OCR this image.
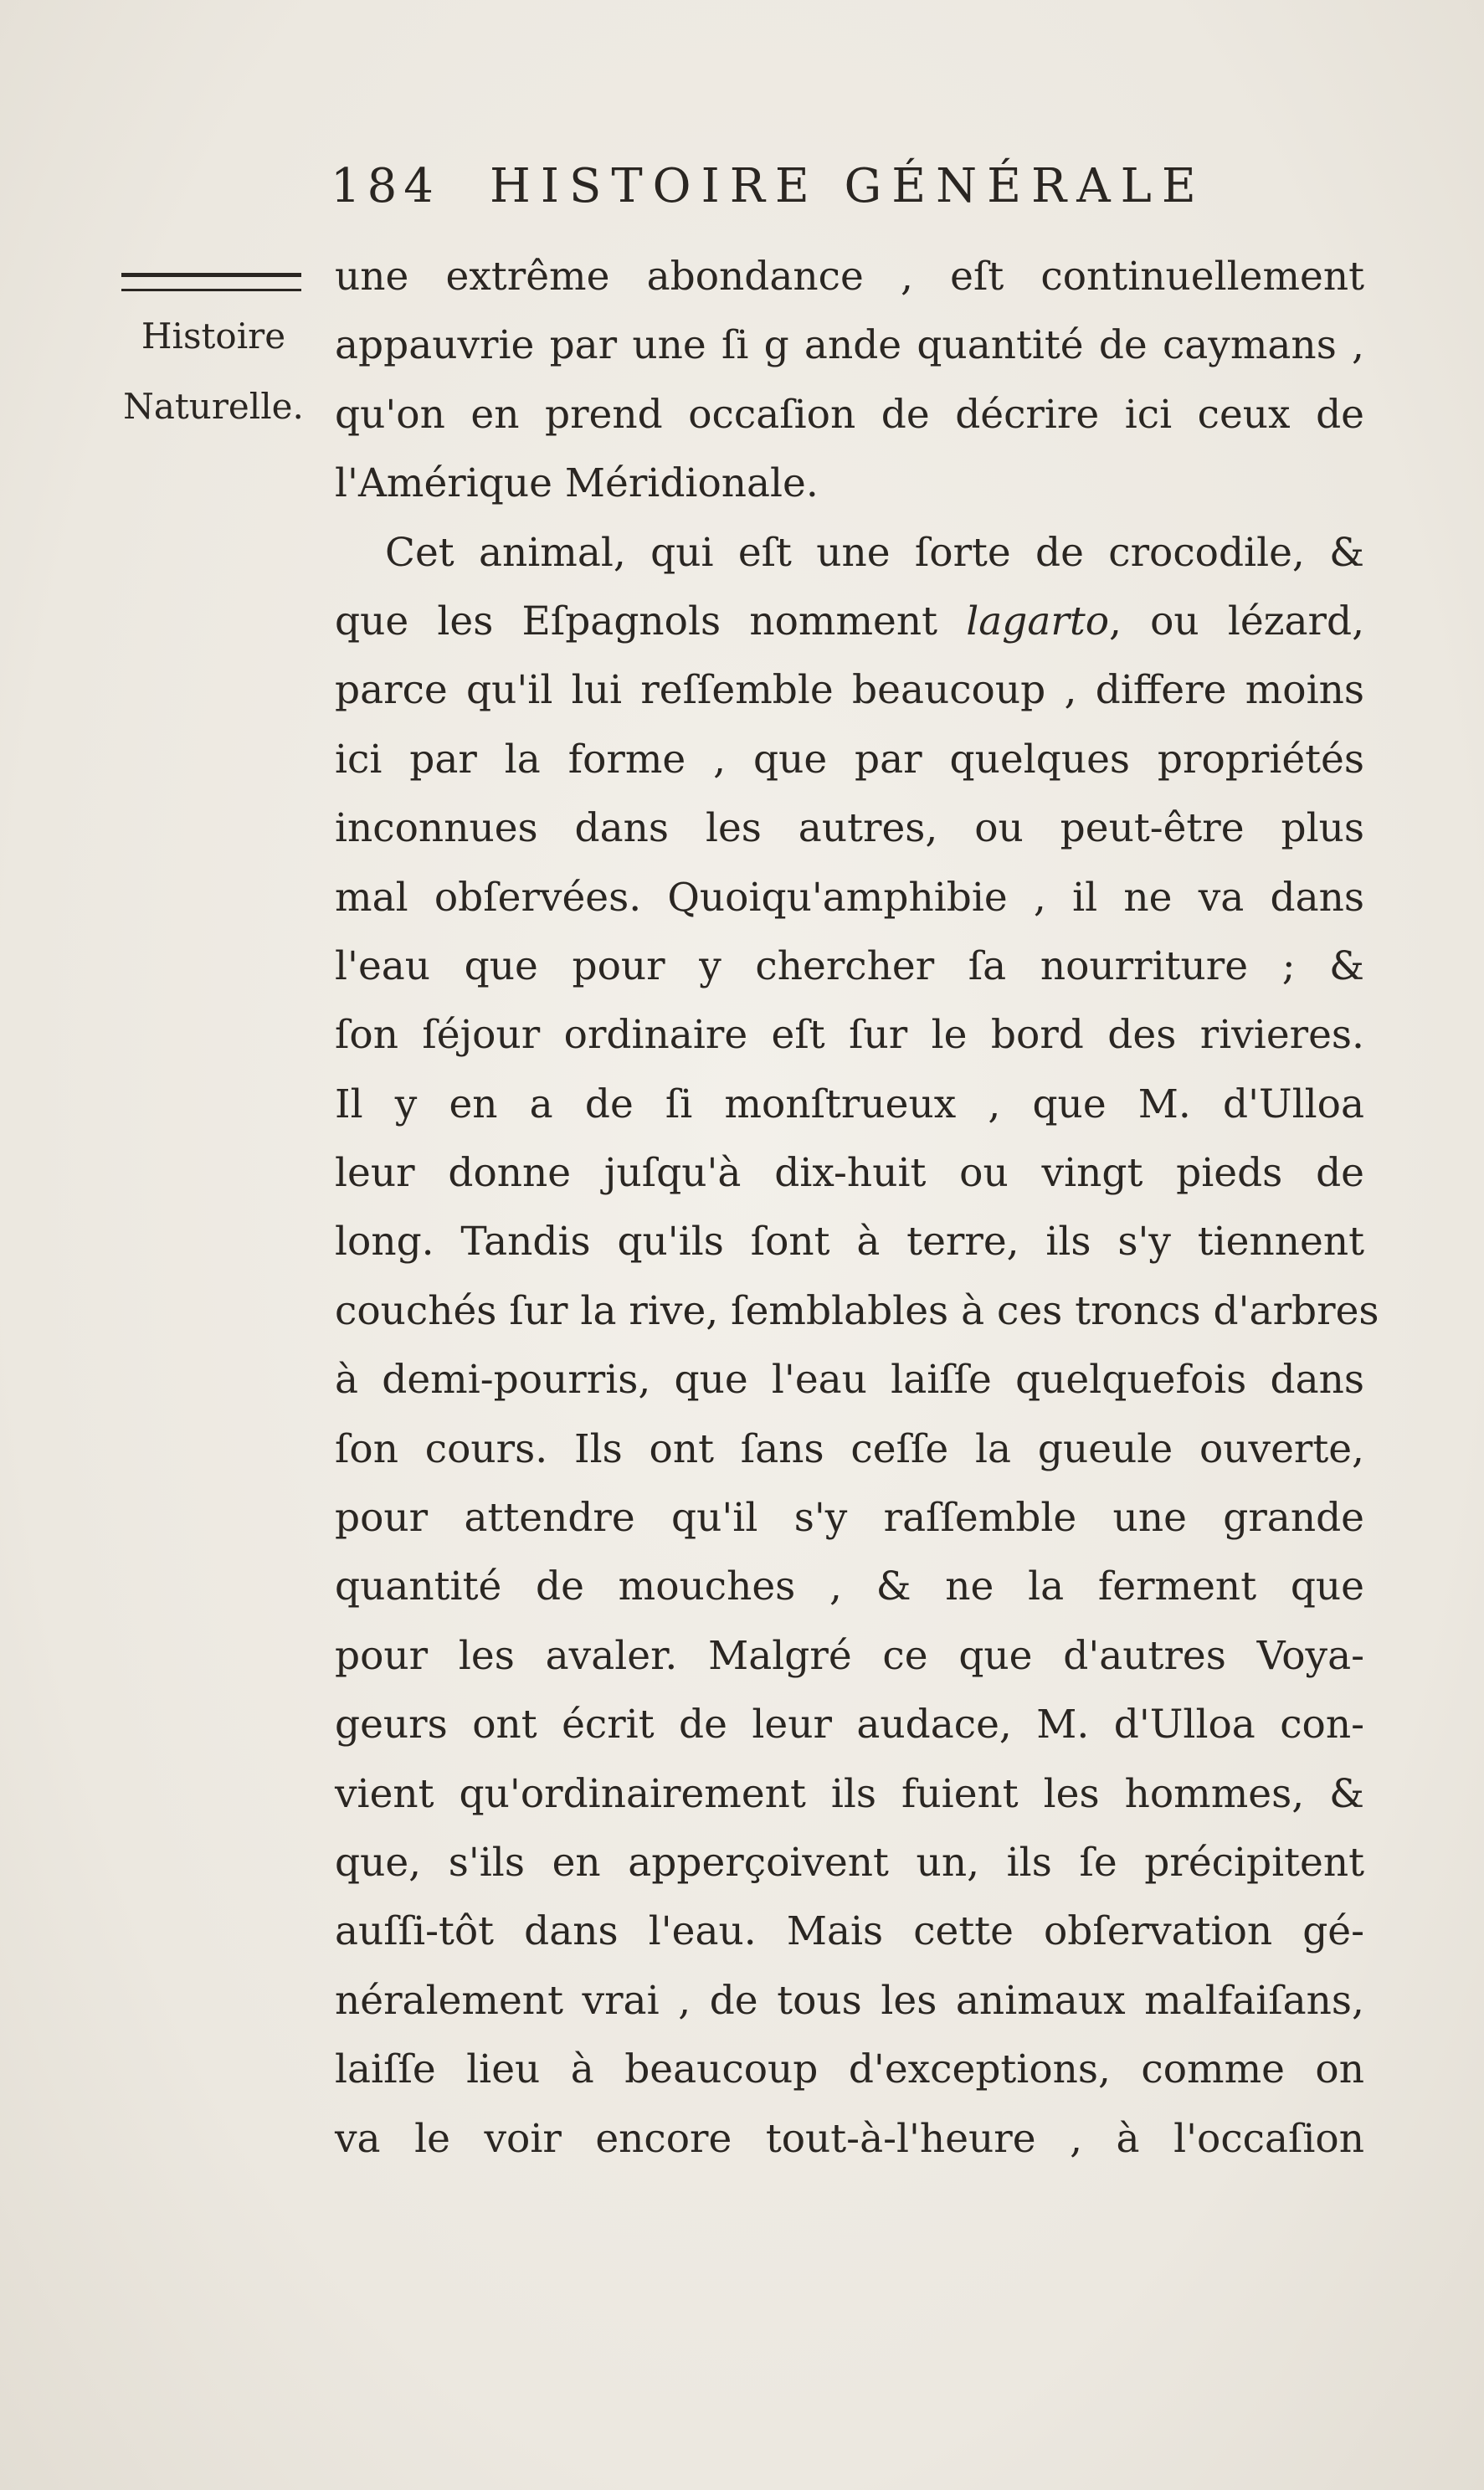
184 HISTOIRE GÉNÉRALE
Histoire
Naturelle.
une extrême abondance , eſt continuellement
appauvrie par une ſi g ande quantité de caymans ,
qu'on en prend occaſion de décrire ici ceux de
l'Amérique Méridionale.
Cet animal, qui eſt une ſorte de crocodile, &
que les Eſpagnols nomment lagarto, ou lézard,
parce qu'il lui reſſemble beaucoup , differe moins
ici par la forme , que par quelques propriétés
inconnues dans les autres, ou peut-être plus
mal obſervées. Quoiqu'amphibie , il ne va dans
l'eau que pour y chercher ſa nourriture ; &
ſon ſéjour ordinaire eſt ſur le bord des rivieres.
Il y en a de ſi monſtrueux , que M. d'Ulloa
leur donne juſqu'à dix-huit ou vingt pieds de
long. Tandis qu'ils ſont à terre, ils s'y tiennent
couchés ſur la rive, ſemblables à ces troncs d'arbres
à demi-pourris, que l'eau laiſſe quelquefois dans
ſon cours. Ils ont ſans ceſſe la gueule ouverte,
pour attendre qu'il s'y raſſemble une grande
quantité de mouches , & ne la ferment que
pour les avaler. Malgré ce que d'autres Voya-
geurs ont écrit de leur audace, M. d'Ulloa con-
vient qu'ordinairement ils fuient les hommes, &
que, s'ils en apperçoivent un, ils ſe précipitent
auſſi-tôt dans l'eau. Mais cette obſervation gé-
néralement vrai , de tous les animaux malfaiſans,
laiſſe lieu à beaucoup d'exceptions, comme on
va le voir encore tout-à-l'heure , à l'occaſion
